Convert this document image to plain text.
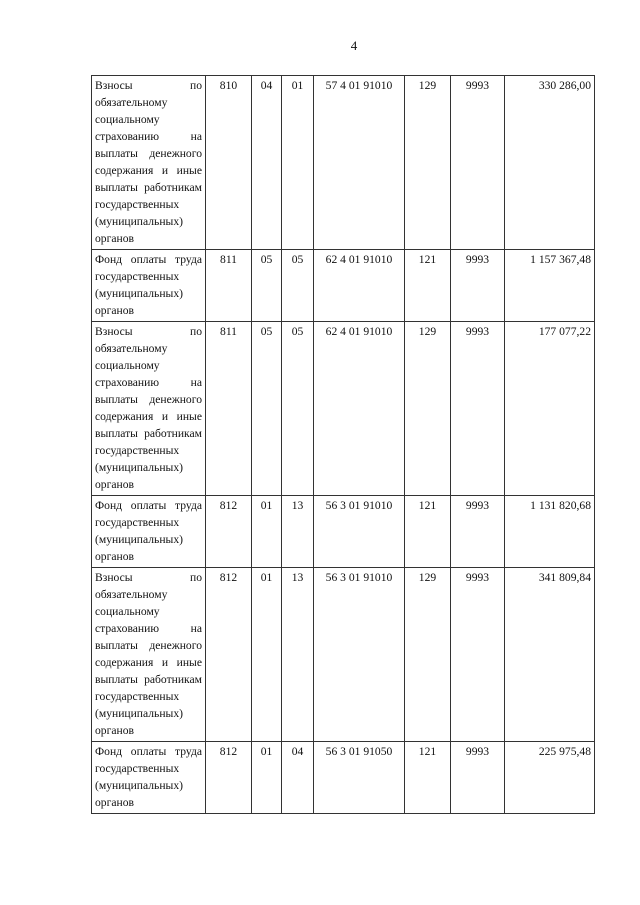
4
Взносы по обязательному социальному страхованию на выплаты денежного содержания и иные выплаты работникам государственных (муниципальных) органов	810	04	01	57 4 01 91010	129	9993	330 286,00
Фонд оплаты труда государственных (муниципальных) органов	811	05	05	62 4 01 91010	121	9993	1 157 367,48
Взносы по обязательному социальному страхованию на выплаты денежного содержания и иные выплаты работникам государственных (муниципальных) органов	811	05	05	62 4 01 91010	129	9993	177 077,22
Фонд оплаты труда государственных (муниципальных) органов	812	01	13	56 3 01 91010	121	9993	1 131 820,68
Взносы по обязательному социальному страхованию на выплаты денежного содержания и иные выплаты работникам государственных (муниципальных) органов	812	01	13	56 3 01 91010	129	9993	341 809,84
Фонд оплаты труда государственных (муниципальных) органов	812	01	04	56 3 01 91050	121	9993	225 975,48
